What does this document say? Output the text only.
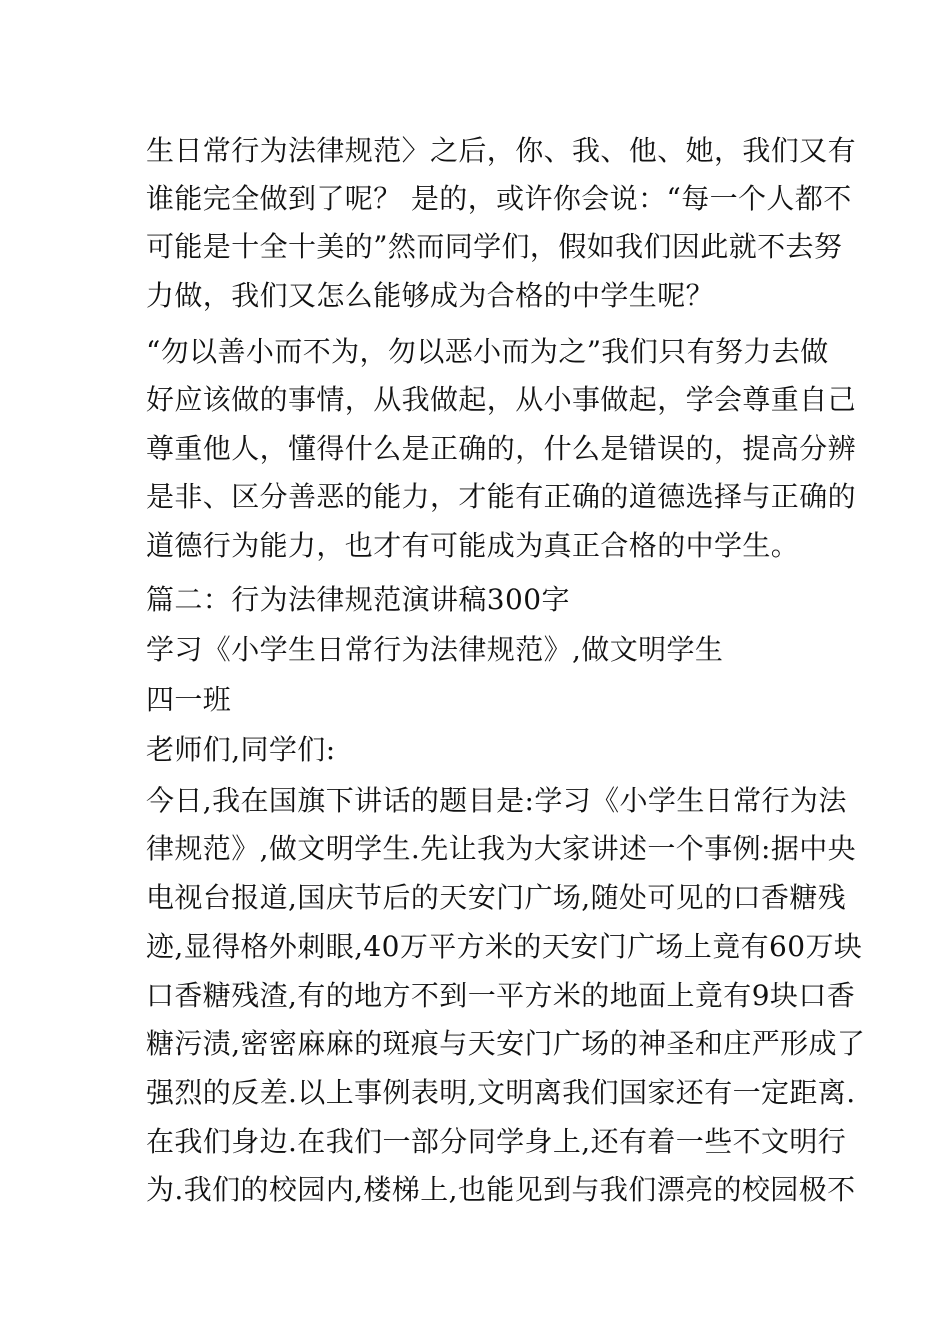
生日常行为法律规范〉之后，你、我、他、她，我们又有
谁能完全做到了呢？ 是的，或许你会说：“每一个人都不
可能是十全十美的”然而同学们，假如我们因此就不去努
力做，我们又怎么能够成为合格的中学生呢？
“勿以善小而不为，勿以恶小而为之”我们只有努力去做
好应该做的事情，从我做起，从小事做起，学会尊重自己
尊重他人，懂得什么是正确的，什么是错误的，提高分辨
是非、区分善恶的能力，才能有正确的道德选择与正确的
道德行为能力，也才有可能成为真正合格的中学生。
篇二：行为法律规范演讲稿300字
学习《小学生日常行为法律规范》,做文明学生
四一班
老师们,同学们:
今日,我在国旗下讲话的题目是:学习《小学生日常行为法
律规范》,做文明学生.先让我为大家讲述一个事例:据中央
电视台报道,国庆节后的天安门广场,随处可见的口香糖残
迹,显得格外刺眼,40万平方米的天安门广场上竟有60万块
口香糖残渣,有的地方不到一平方米的地面上竟有9块口香
糖污渍,密密麻麻的斑痕与天安门广场的神圣和庄严形成了
强烈的反差.以上事例表明,文明离我们国家还有一定距离.
在我们身边.在我们一部分同学身上,还有着一些不文明行
为.我们的校园内,楼梯上,也能见到与我们漂亮的校园极不
